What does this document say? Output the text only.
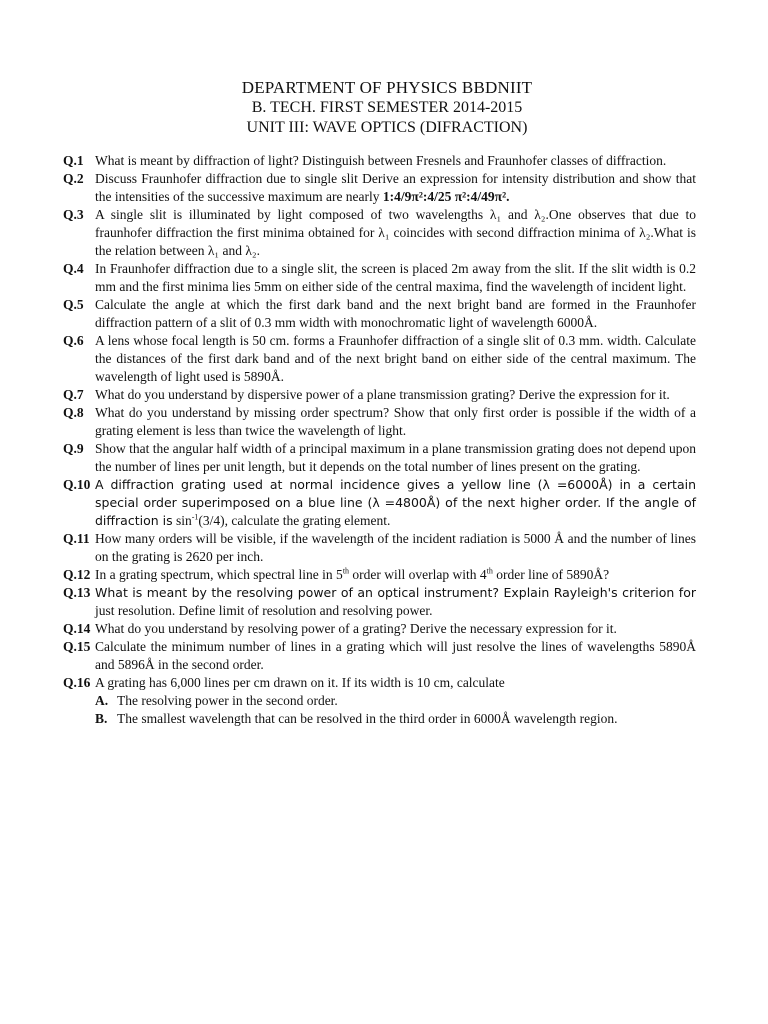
DEPARTMENT OF PHYSICS BBDNIIT
B. TECH. FIRST SEMESTER 2014-2015
UNIT III: WAVE OPTICS (DIFRACTION)
Q.1 What is meant by diffraction of light? Distinguish between Fresnels and Fraunhofer classes of diffraction.
Q.2 Discuss Fraunhofer diffraction due to single slit Derive an expression for intensity distribution and show that the intensities of the successive maximum are nearly 1:4/9π²:4/25 π²:4/49π².
Q.3 A single slit is illuminated by light composed of two wavelengths λ₁ and λ₂.One observes that due to fraunhofer diffraction the first minima obtained for λ₁ coincides with second diffraction minima of λ₂.What is the relation between λ₁ and λ₂.
Q.4 In Fraunhofer diffraction due to a single slit, the screen is placed 2m away from the slit. If the slit width is 0.2 mm and the first minima lies 5mm on either side of the central maxima, find the wavelength of incident light.
Q.5 Calculate the angle at which the first dark band and the next bright band are formed in the Fraunhofer diffraction pattern of a slit of 0.3 mm width with monochromatic light of wavelength 6000Å.
Q.6 A lens whose focal length is 50 cm. forms a Fraunhofer diffraction of a single slit of 0.3 mm. width. Calculate the distances of the first dark band and of the next bright band on either side of the central maximum. The wavelength of light used is 5890Å.
Q.7 What do you understand by dispersive power of a plane transmission grating? Derive the expression for it.
Q.8 What do you understand by missing order spectrum? Show that only first order is possible if the width of a grating element is less than twice the wavelength of light.
Q.9 Show that the angular half width of a principal maximum in a plane transmission grating does not depend upon the number of lines per unit length, but it depends on the total number of lines present on the grating.
Q.10 A diffraction grating used at normal incidence gives a yellow line (λ =6000Å) in a certain special order superimposed on a blue line (λ =4800Å) of the next higher order. If the angle of diffraction is $\sin^{-1}(3/4)$, calculate the grating element.
Q.11 How many orders will be visible, if the wavelength of the incident radiation is 5000 Å and the number of lines on the grating is 2620 per inch.
Q.12 In a grating spectrum, which spectral line in 5th order will overlap with 4th order line of 5890Å?
Q.13 What is meant by the resolving power of an optical instrument? Explain Rayleigh's criterion for just resolution. Define limit of resolution and resolving power.
Q.14 What do you understand by resolving power of a grating? Derive the necessary expression for it.
Q.15 Calculate the minimum number of lines in a grating which will just resolve the lines of wavelengths 5890Å and 5896Å in the second order.
Q.16 A grating has 6,000 lines per cm drawn on it. If its width is 10 cm, calculate
A. The resolving power in the second order.
B. The smallest wavelength that can be resolved in the third order in 6000Å wavelength region.
